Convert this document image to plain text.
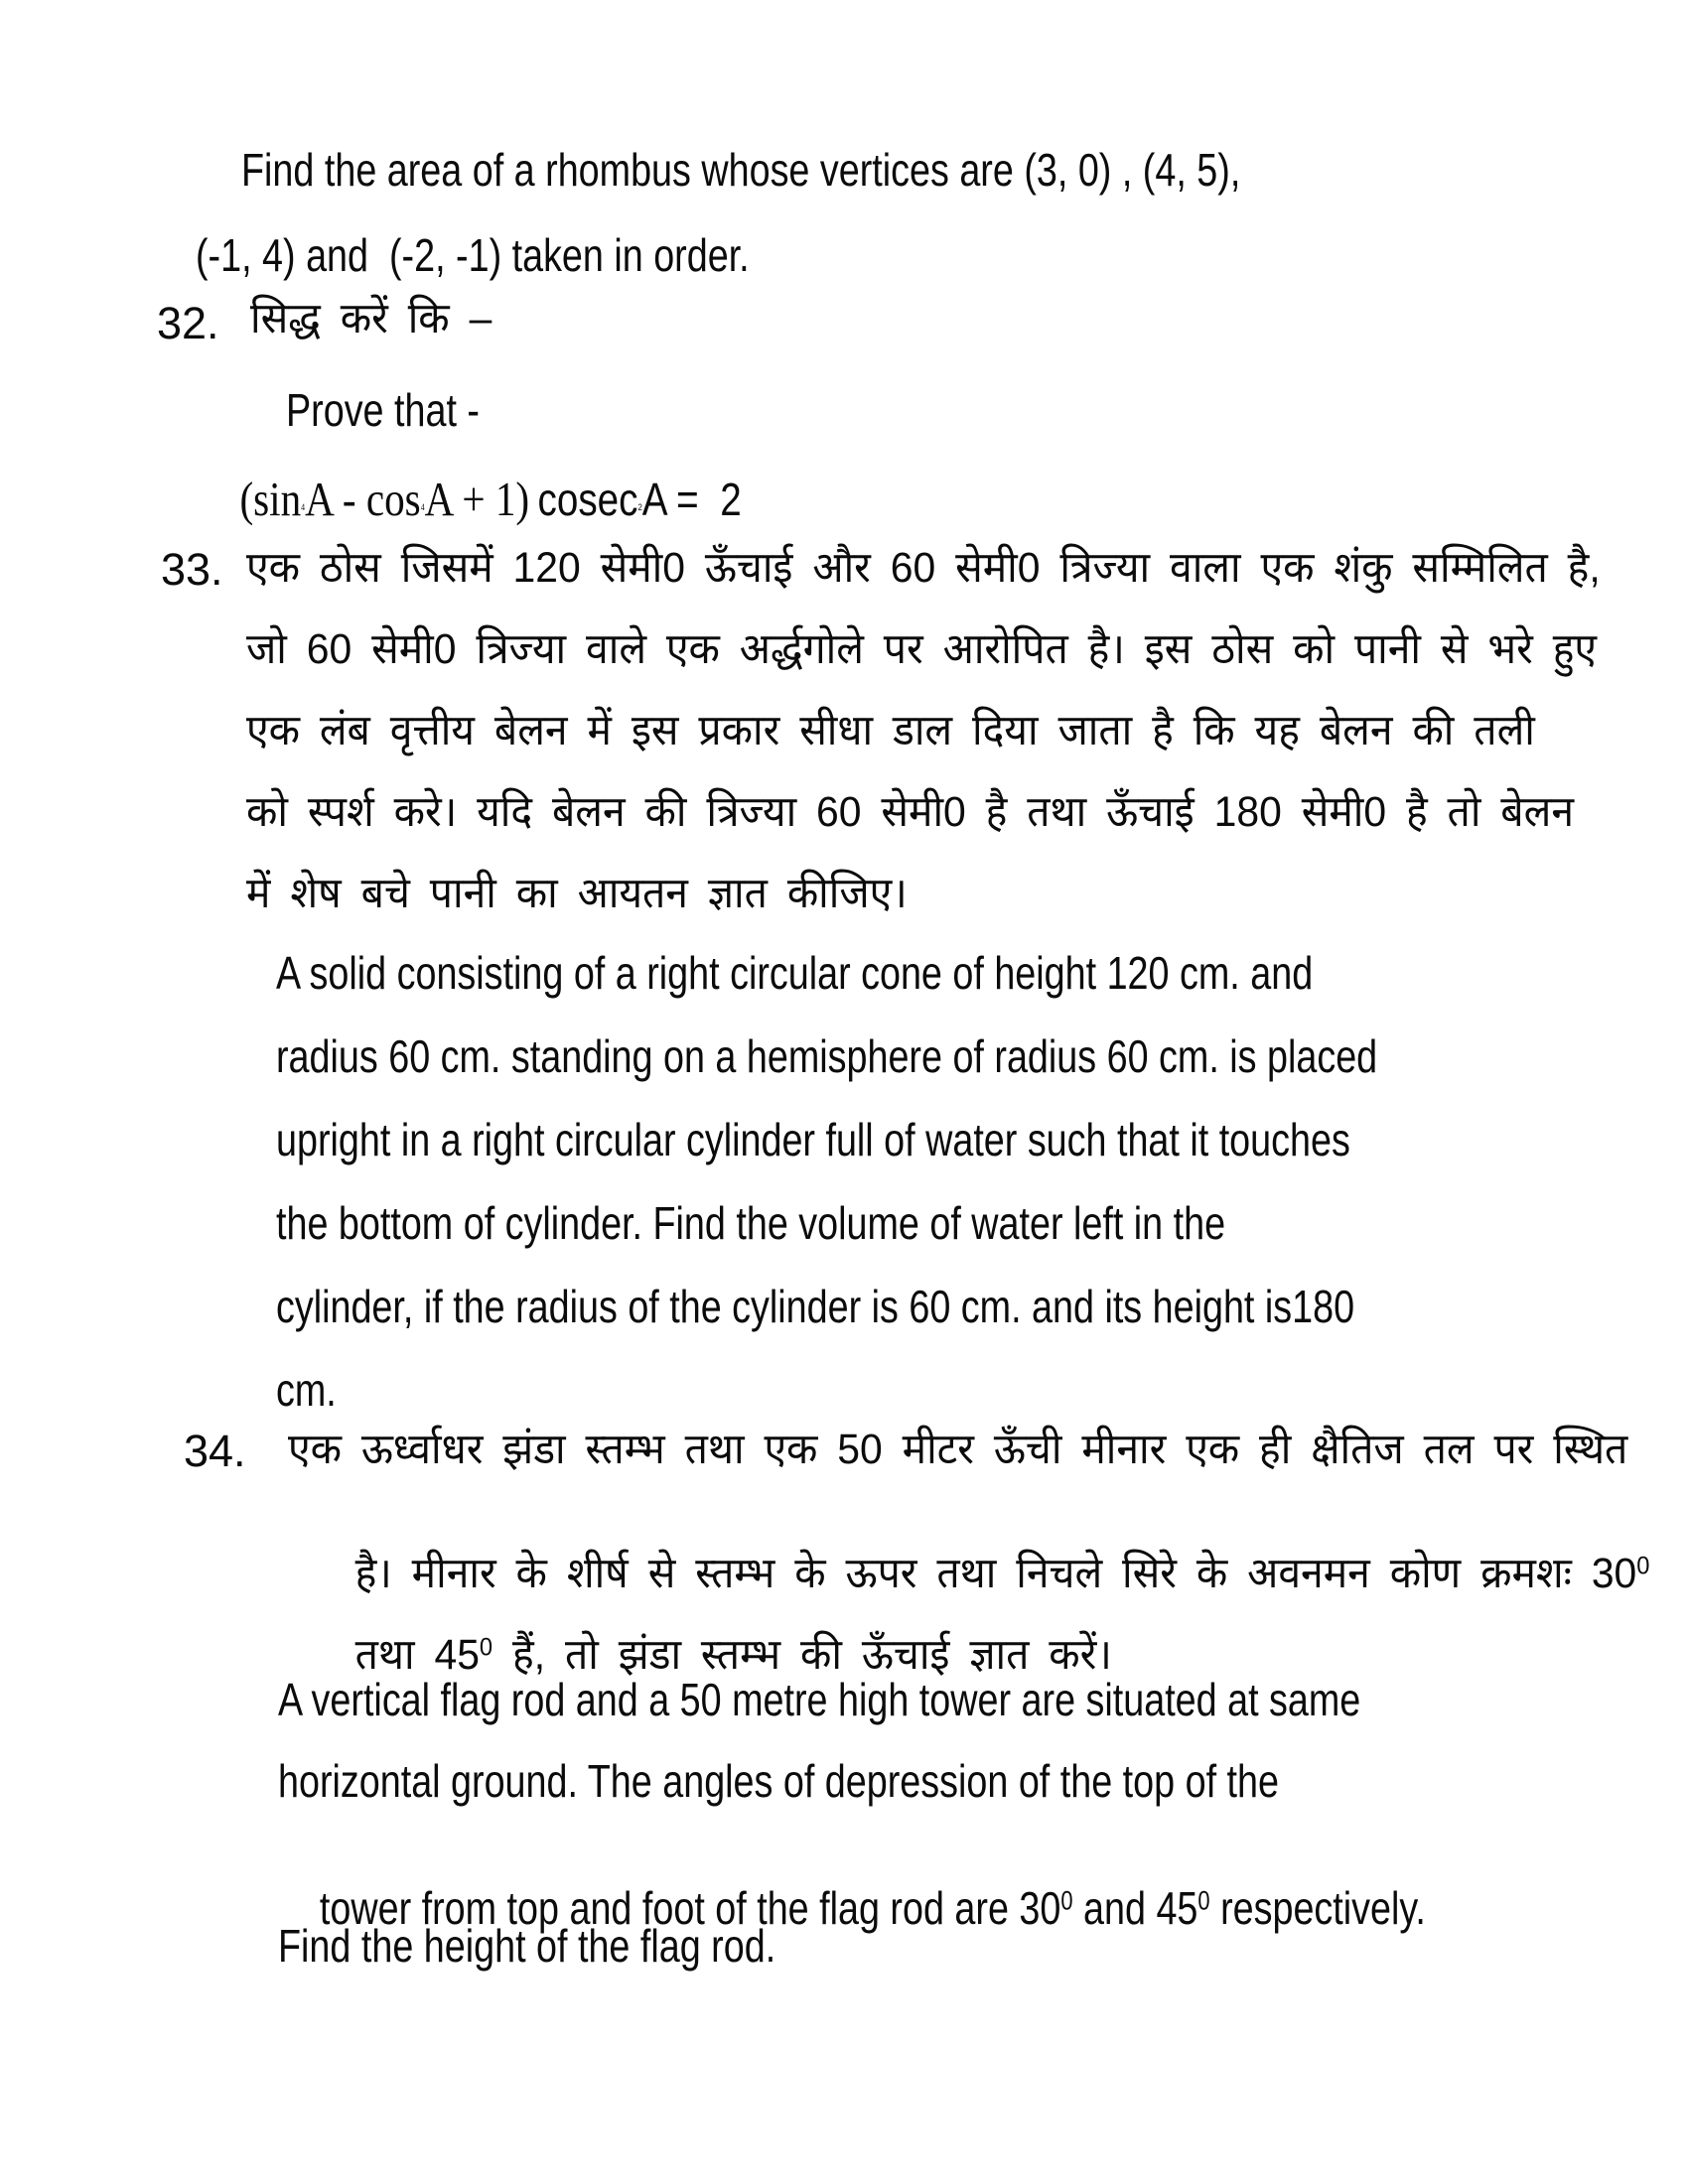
Find the area of a rhombus whose vertices are (3, 0) , (4, 5),
(-1, 4) and  (-2, -1) taken in order.
32. सिद्ध करें कि –
Prove that -

$(\sin^4A - \cos^4A + 1) cosec^2A = 2$

33. एक ठोस जिसमें 120 सेमी0 ऊँचाई और 60 सेमी0 त्रिज्या वाला एक शंकु सम्मिलित है,
जो 60 सेमी0 त्रिज्या वाले एक अर्द्धगोले पर आरोपित है। इस ठोस को पानी से भरे हुए
एक लंब वृत्तीय बेलन में इस प्रकार सीधा डाल दिया जाता है कि यह बेलन की तली
को स्पर्श करे। यदि बेलन की त्रिज्या 60 सेमी0 है तथा ऊँचाई 180 सेमी0 है तो बेलन
में शेष बचे पानी का आयतन ज्ञात कीजिए।
A solid consisting of a right circular cone of height 120 cm. and
radius 60 cm. standing on a hemisphere of radius 60 cm. is placed
upright in a right circular cylinder full of water such that it touches
the bottom of cylinder. Find the volume of water left in the
cylinder, if the radius of the cylinder is 60 cm. and its height is180
cm.
34. एक ऊर्ध्वाधर झंडा स्तम्भ तथा एक 50 मीटर ऊँची मीनार एक ही क्षैतिज तल पर स्थित

है। मीनार के शीर्ष से स्तम्भ के ऊपर तथा निचले सिरे के अवनमन कोण क्रमशः $30^0$

तथा $45^0$ हैं, तो झंडा स्तम्भ की ऊँचाई ज्ञात करें।

A vertical flag rod and a 50 metre high tower are situated at same
horizontal ground. The angles of depression of the top of the

tower from top and foot of the flag rod are $30^0$ and $45^0$ respectively.

Find the height of the flag rod.
